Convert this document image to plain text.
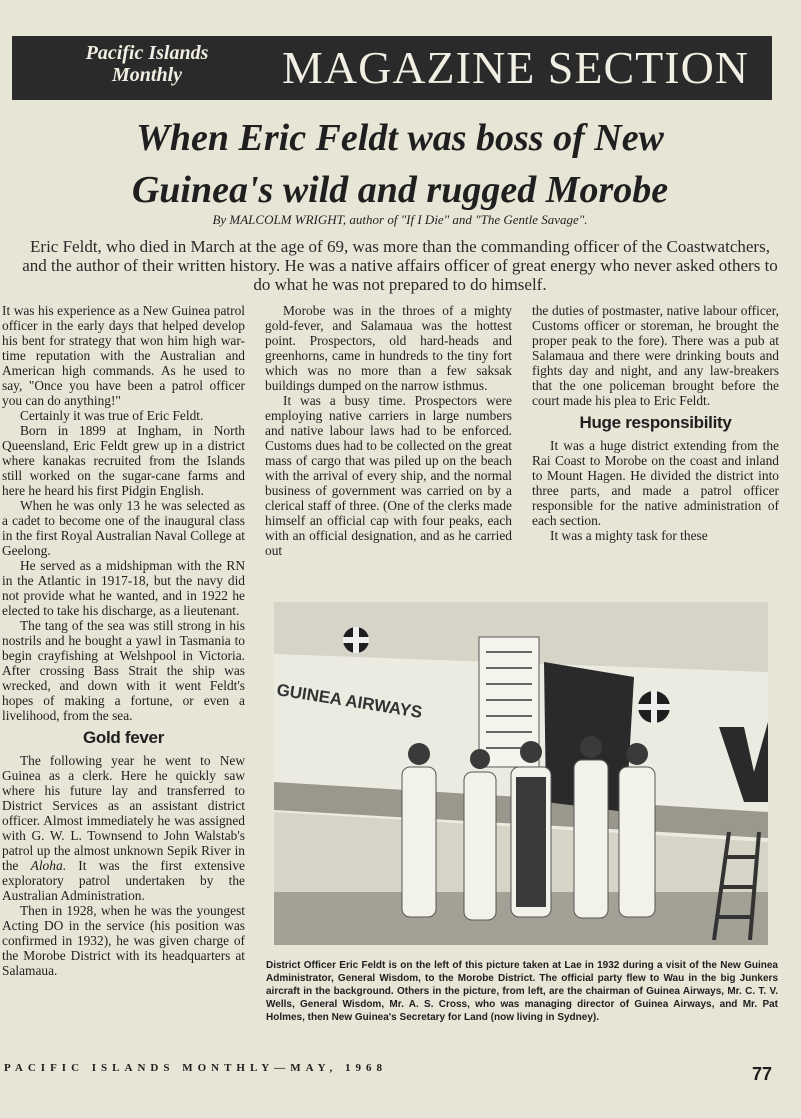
Pacific Islands
Monthly	MAGAZINE SECTION
When Eric Feldt was boss of New
Guinea's wild and rugged Morobe
By MALCOLM WRIGHT, author of "If I Die" and "The Gentle Savage".
Eric Feldt, who died in March at the age of 69, was more than the commanding officer of the Coastwatchers, and the author of their written history. He was a native affairs officer of great energy who never asked others to do what he was not prepared to do himself.

It was his experience as a New Guinea patrol officer in the early days that helped develop his bent for strategy that won him high war-time reputation with the Australian and American high commands. As he used to say, "Once you have been a patrol officer you can do anything!"

Certainly it was true of Eric Feldt.

Born in 1899 at Ingham, in North Queensland, Eric Feldt grew up in a district where kanakas recruited from the Islands still worked on the sugar-cane farms and here he heard his first Pidgin English.

When he was only 13 he was selected as a cadet to become one of the inaugural class in the first Royal Australian Naval College at Geelong.

He served as a midshipman with the RN in the Atlantic in 1917-18, but the navy did not provide what he wanted, and in 1922 he elected to take his discharge, as a lieutenant.

The tang of the sea was still strong in his nostrils and he bought a yawl in Tasmania to begin crayfishing at Welshpool in Victoria. After crossing Bass Strait the ship was wrecked, and down with it went Feldt's hopes of making a fortune, or even a livelihood, from the sea.

Gold fever

The following year he went to New Guinea as a clerk. Here he quickly saw where his future lay and transferred to District Services as an assistant district officer. Almost immediately he was assigned with G. W. L. Townsend to John Walstab's patrol up the almost unknown Sepik River in the Aloha. It was the first extensive exploratory patrol undertaken by the Australian Administration.

Then in 1928, when he was the youngest Acting DO in the service (his position was confirmed in 1932), he was given charge of the Morobe District with its headquarters at Salamaua.

Morobe was in the throes of a mighty gold-fever, and Salamaua was the hottest point. Prospectors, old hard-heads and greenhorns, came in hundreds to the tiny fort which was no more than a few saksak buildings dumped on the narrow isthmus.

It was a busy time. Prospectors were employing native carriers in large numbers and native labour laws had to be enforced. Customs dues had to be collected on the great mass of cargo that was piled up on the beach with the arrival of every ship, and the normal business of government was carried on by a clerical staff of three. (One of the clerks made himself an official cap with four peaks, each with an official designation, and as he carried out

the duties of postmaster, native labour officer, Customs officer or storeman, he brought the proper peak to the fore). There was a pub at Salamaua and there were drinking bouts and fights day and night, and any law-breakers that the one policeman brought before the court made his plea to Eric Feldt.

Huge responsibility

It was a huge district extending from the Rai Coast to Morobe on the coast and inland to Mount Hagen. He divided the district into three parts, and made a patrol officer responsible for the native administration of each section.

It was a mighty task for these

GUINEA AIRWAYS
District Officer Eric Feldt is on the left of this picture taken at Lae in 1932 during a visit of the New Guinea Administrator, General Wisdom, to the Morobe District. The official party flew to Wau in the big Junkers aircraft in the background. Others in the picture, from left, are the chairman of Guinea Airways, Mr. C. T. V. Wells, General Wisdom, Mr. A. S. Cross, who was managing director of Guinea Airways, and Mr. Pat Holmes, then New Guinea's Secretary for Land (now living in Sydney).
PACIFIC ISLANDS MONTHLY—MAY, 1968	77
